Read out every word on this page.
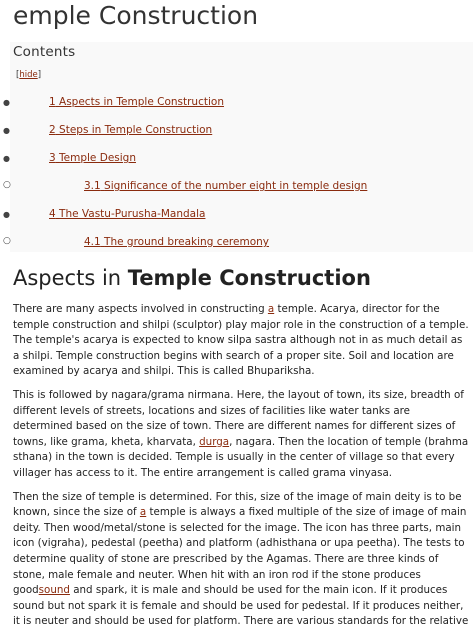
emple Construction
Contents
[hide]
●	1 Aspects in Temple Construction
●	2 Steps in Temple Construction
●	3 Temple Design
○	3.1 Significance of the number eight in temple design
●	4 The Vastu-Purusha-Mandala
○	4.1 The ground breaking ceremony
Aspects in Temple Construction

There are many aspects involved in constructing a temple. Acarya, director for the
temple construction and shilpi (sculptor) play major role in the construction of a temple.
The temple's acarya is expected to know silpa sastra although not in as much detail as
a shilpi. Temple construction begins with search of a proper site. Soil and location are
examined by acarya and shilpi. This is called Bhupariksha.

This is followed by nagara/grama nirmana. Here, the layout of town, its size, breadth of
different levels of streets, locations and sizes of facilities like water tanks are
determined based on the size of town. There are different names for different sizes of
towns, like grama, kheta, kharvata, durga, nagara. Then the location of temple (brahma
sthana) in the town is decided. Temple is usually in the center of village so that every
villager has access to it. The entire arrangement is called grama vinyasa.

Then the size of temple is determined. For this, size of the image of main deity is to be
known, since the size of a temple is always a fixed multiple of the size of image of main
deity. Then wood/metal/stone is selected for the image. The icon has three parts, main
icon (vigraha), pedestal (peetha) and platform (adhisthana or upa peetha). The tests to
determine quality of stone are prescribed by the Agamas. There are three kinds of
stone, male female and neuter. When hit with an iron rod if the stone produces
goodsound and spark, it is male and should be used for the main icon. If it produces
sound but not spark it is female and should be used for pedestal. If it produces neither,
it is neuter and should be used for platform. There are various standards for the relative
